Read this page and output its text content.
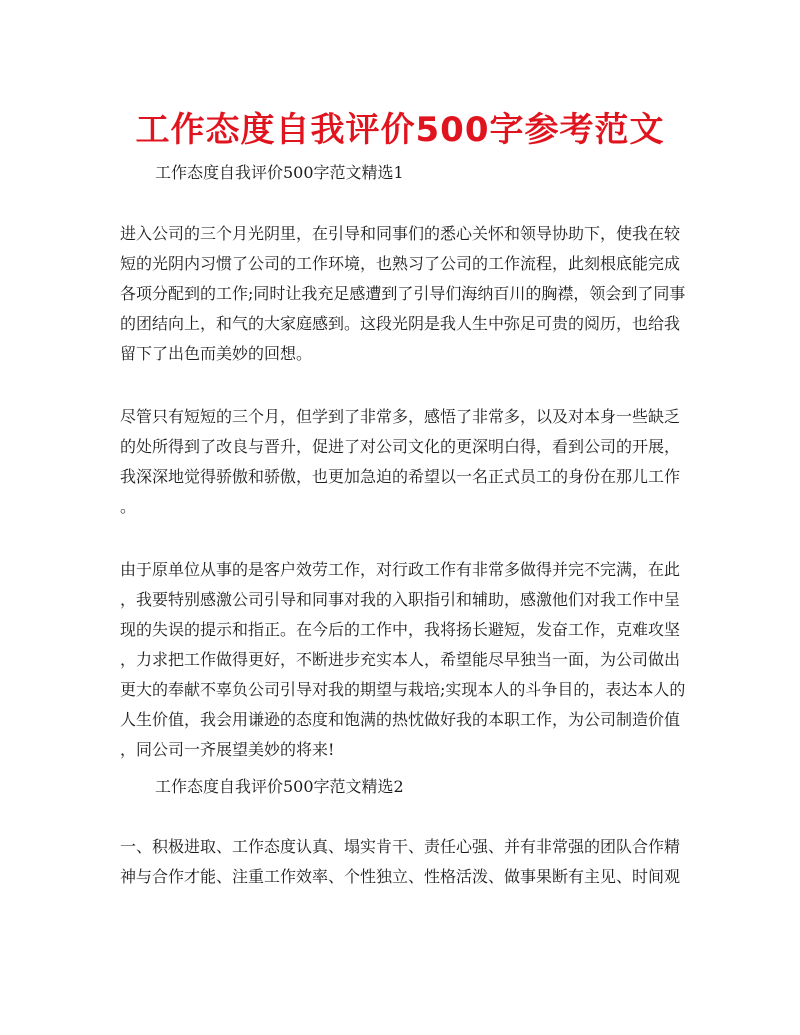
工作态度自我评价500字参考范文
工作态度自我评价500字范文精选1
进入公司的三个月光阴里，在引导和同事们的悉心关怀和领导协助下，使我在较
短的光阴内习惯了公司的工作环境，也熟习了公司的工作流程，此刻根底能完成
各项分配到的工作;同时让我充足感遭到了引导们海纳百川的胸襟，领会到了同事
的团结向上，和气的大家庭感到。这段光阴是我人生中弥足可贵的阅历，也给我
留下了出色而美妙的回想。
尽管只有短短的三个月，但学到了非常多，感悟了非常多，以及对本身一些缺乏
的处所得到了改良与晋升，促进了对公司文化的更深明白得，看到公司的开展，
我深深地觉得骄傲和骄傲，也更加急迫的希望以一名正式员工的身份在那儿工作
。
由于原单位从事的是客户效劳工作，对行政工作有非常多做得并完不完满，在此
，我要特别感激公司引导和同事对我的入职指引和辅助，感激他们对我工作中呈
现的失误的提示和指正。在今后的工作中，我将扬长避短，发奋工作，克难攻坚
，力求把工作做得更好，不断进步充实本人，希望能尽早独当一面，为公司做出
更大的奉献不辜负公司引导对我的期望与栽培;实现本人的斗争目的，表达本人的
人生价值，我会用谦逊的态度和饱满的热忱做好我的本职工作，为公司制造价值
，同公司一齐展望美妙的将来!
工作态度自我评价500字范文精选2
一、积极进取、工作态度认真、塌实肯干、责任心强、并有非常强的团队合作精
神与合作才能、注重工作效率、个性独立、性格活泼、做事果断有主见、时间观
